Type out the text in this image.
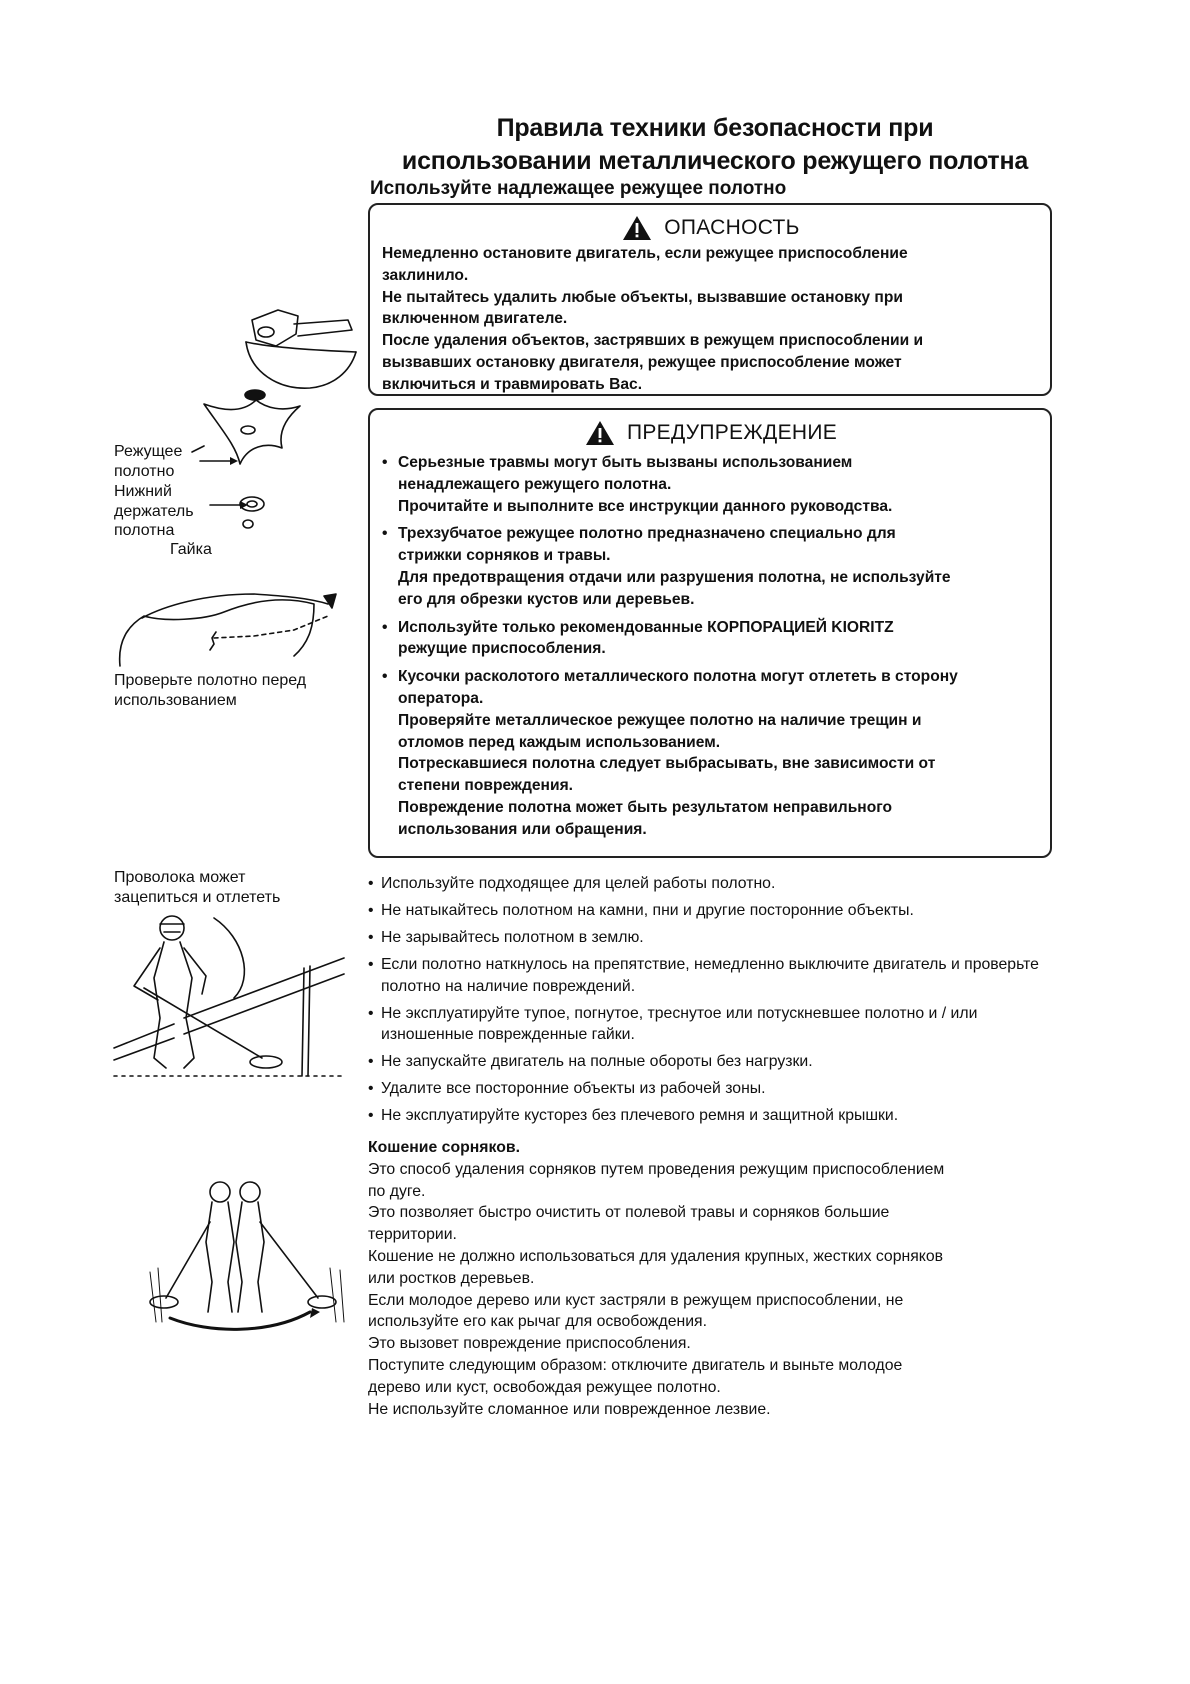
Правила техники безопасности при
использовании металлического режущего полотна
Используйте надлежащее режущее полотно
ОПАСНОСТЬ
Немедленно остановите двигатель, если режущее приспособление
заклинило.
Не пытайтесь удалить любые объекты, вызвавшие остановку при
включенном двигателе.
После удаления объектов, застрявших в режущем приспособлении и
вызвавших остановку двигателя, режущее приспособление может
включиться и травмировать Вас.
ПРЕДУПРЕЖДЕНИЕ
• Серьезные травмы могут быть вызваны использованием
ненадлежащего режущего полотна.
Прочитайте и выполните все инструкции данного руководства.
• Трехзубчатое режущее полотно предназначено специально для
стрижки сорняков и травы.
Для предотвращения отдачи или разрушения полотна, не используйте
его для обрезки кустов или деревьев.
• Используйте только рекомендованные КОРПОРАЦИЕЙ KIORITZ
режущие приспособления.
• Кусочки расколотого металлического полотна могут отлететь в сторону
оператора.
Проверяйте металлическое режущее полотно на наличие трещин и
отломов перед каждым использованием.
Потрескавшиеся полотна следует выбрасывать, вне зависимости от
степени повреждения.
Повреждение полотна может быть результатом неправильного
использования или обращения.
• Используйте подходящее для целей работы полотно.
• Не натыкайтесь полотном на камни, пни и другие посторонние объекты.
• Не зарывайтесь полотном в землю.
• Если полотно наткнулось на препятствие, немедленно выключите двигатель и проверьте полотно на наличие повреждений.
• Не эксплуатируйте тупое, погнутое, треснутое или потускневшее полотно и / или изношенные поврежденные гайки.
• Не запускайте двигатель на полные обороты без нагрузки.
• Удалите все посторонние объекты из рабочей зоны.
• Не эксплуатируйте кусторез без плечевого ремня и защитной крышки.
Кошение сорняков.
Это способ удаления сорняков путем проведения режущим приспособлением
по дуге.
Это позволяет быстро очистить от полевой травы и сорняков большие
территории.
Кошение не должно использоваться для удаления крупных, жестких сорняков
или ростков деревьев.
Если молодое дерево или куст застряли в режущем приспособлении, не
используйте его как рычаг для освобождения.
Это вызовет повреждение приспособления.
Поступите следующим образом: отключите двигатель и выньте молодое
дерево или куст, освобождая режущее полотно.
Не используйте сломанное или поврежденное лезвие.
Режущее
полотно
Нижний
держатель
полотна
Гайка
Проверьте полотно перед
использованием
Проволока может
зацепиться и отлететь
